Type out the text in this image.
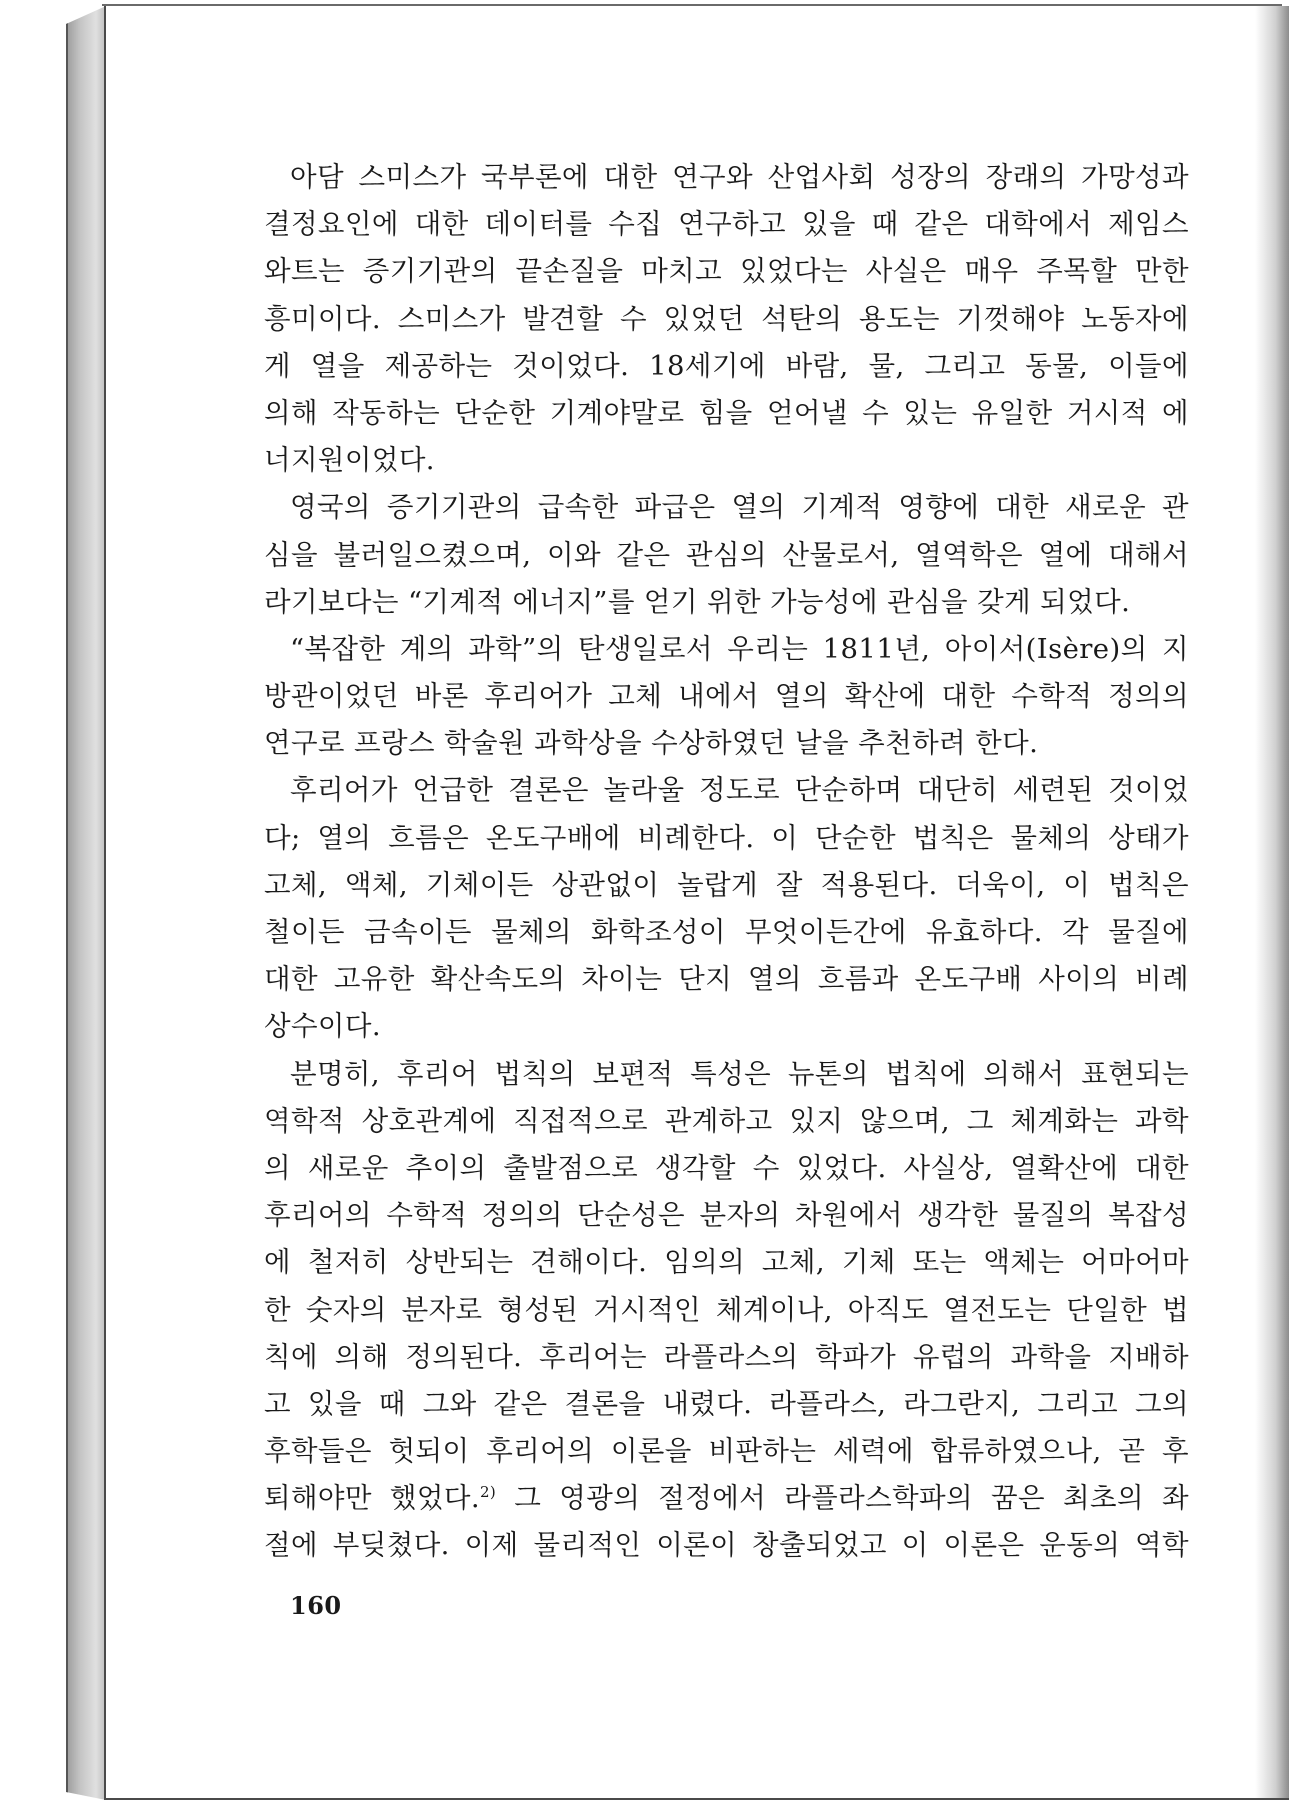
아담 스미스가 국부론에 대한 연구와 산업사회 성장의 장래의 가망성과
결정요인에 대한 데이터를 수집 연구하고 있을 때 같은 대학에서 제임스
와트는 증기기관의 끝손질을 마치고 있었다는 사실은 매우 주목할 만한
흥미이다. 스미스가 발견할 수 있었던 석탄의 용도는 기껏해야 노동자에
게 열을 제공하는 것이었다. 18세기에 바람, 물, 그리고 동물, 이들에
의해 작동하는 단순한 기계야말로 힘을 얻어낼 수 있는 유일한 거시적 에
너지원이었다.
영국의 증기기관의 급속한 파급은 열의 기계적 영향에 대한 새로운 관
심을 불러일으켰으며, 이와 같은 관심의 산물로서, 열역학은 열에 대해서
라기보다는 “기계적 에너지”를 얻기 위한 가능성에 관심을 갖게 되었다.
“복잡한 계의 과학”의 탄생일로서 우리는 1811년, 아이서(Isère)의 지
방관이었던 바론 후리어가 고체 내에서 열의 확산에 대한 수학적 정의의
연구로 프랑스 학술원 과학상을 수상하였던 날을 추천하려 한다.
후리어가 언급한 결론은 놀라울 정도로 단순하며 대단히 세련된 것이었
다; 열의 흐름은 온도구배에 비례한다. 이 단순한 법칙은 물체의 상태가
고체, 액체, 기체이든 상관없이 놀랍게 잘 적용된다. 더욱이, 이 법칙은
철이든 금속이든 물체의 화학조성이 무엇이든간에 유효하다. 각 물질에
대한 고유한 확산속도의 차이는 단지 열의 흐름과 온도구배 사이의 비례
상수이다.
분명히, 후리어 법칙의 보편적 특성은 뉴톤의 법칙에 의해서 표현되는
역학적 상호관계에 직접적으로 관계하고 있지 않으며, 그 체계화는 과학
의 새로운 추이의 출발점으로 생각할 수 있었다. 사실상, 열확산에 대한
후리어의 수학적 정의의 단순성은 분자의 차원에서 생각한 물질의 복잡성
에 철저히 상반되는 견해이다. 임의의 고체, 기체 또는 액체는 어마어마
한 숫자의 분자로 형성된 거시적인 체계이나, 아직도 열전도는 단일한 법
칙에 의해 정의된다. 후리어는 라플라스의 학파가 유럽의 과학을 지배하
고 있을 때 그와 같은 결론을 내렸다. 라플라스, 라그란지, 그리고 그의
후학들은 헛되이 후리어의 이론을 비판하는 세력에 합류하였으나, 곧 후
퇴해야만 했었다.$^{2)}$ 그 영광의 절정에서 라플라스학파의 꿈은 최초의 좌
절에 부딪쳤다. 이제 물리적인 이론이 창출되었고 이 이론은 운동의 역학
160
